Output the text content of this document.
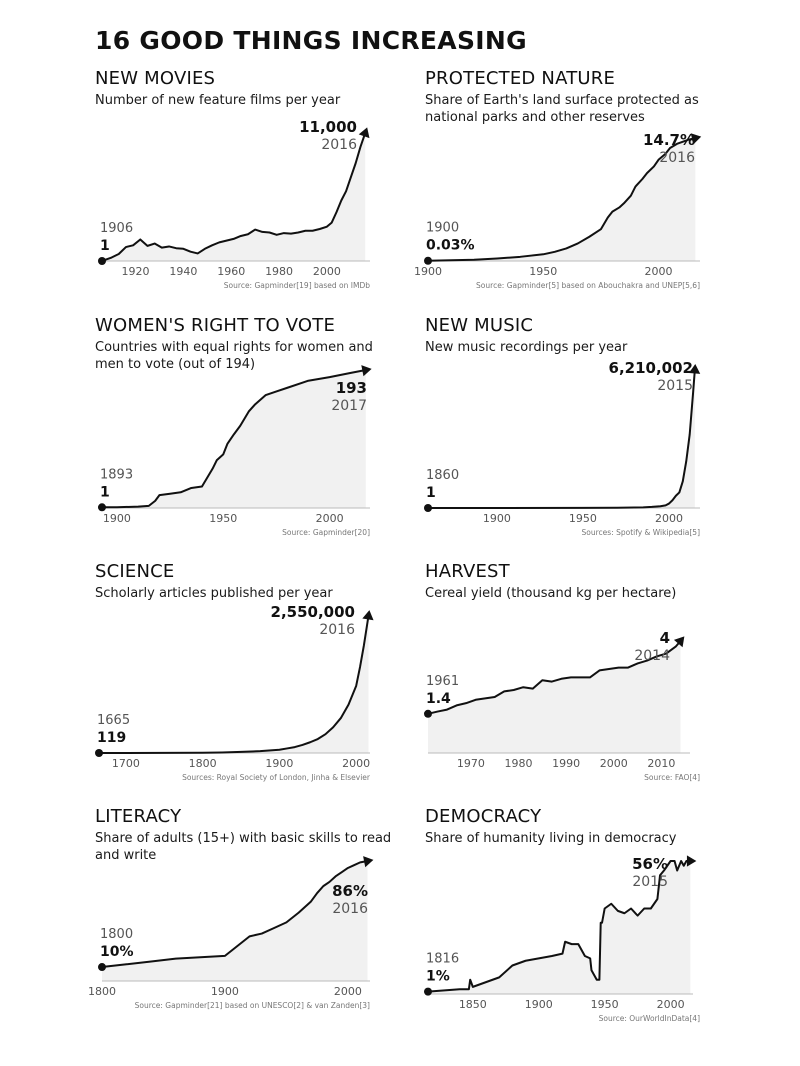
16 GOOD THINGS INCREASING
NEW MOVIES
Number of new feature films per year
1906
1
11,000
2016
1920 1940 1960 1980 2000
Source: Gapminder[19] based on IMDb
PROTECTED NATURE
Share of Earth's land surface protected as national parks and other reserves
1900
0.03%
14.7%
2016
1900	1950	2000
Source: Gapminder[5] based on Abouchakra and UNEP[5,6]
WOMEN'S RIGHT TO VOTE
Countries with equal rights for women and men to vote (out of 194)
1893
1
193
2017
1900	1950	2000
Source: Gapminder[20]
NEW MUSIC
New music recordings per year
1860
1
6,210,002
2015
1900	1950	2000
Sources: Spotify & Wikipedia[5]
SCIENCE
Scholarly articles published per year
1665
119
2,550,000
2016
1700	1800	1900	2000
Sources: Royal Society of London, Jinha & Elsevier
HARVEST
Cereal yield (thousand kg per hectare)
1961
1.4
4
2014
1970 1980 1990 2000 2010
Source: FAO[4]
LITERACY
Share of adults (15+) with basic skills to read and write
1800
10%
86%
2016
1800	1900	2000
Source: Gapminder[21] based on UNESCO[2] & van Zanden[3]
DEMOCRACY
Share of humanity living in democracy
1816
1%
56%
2015
1850	1900	1950	2000
Source: OurWorldInData[4]
